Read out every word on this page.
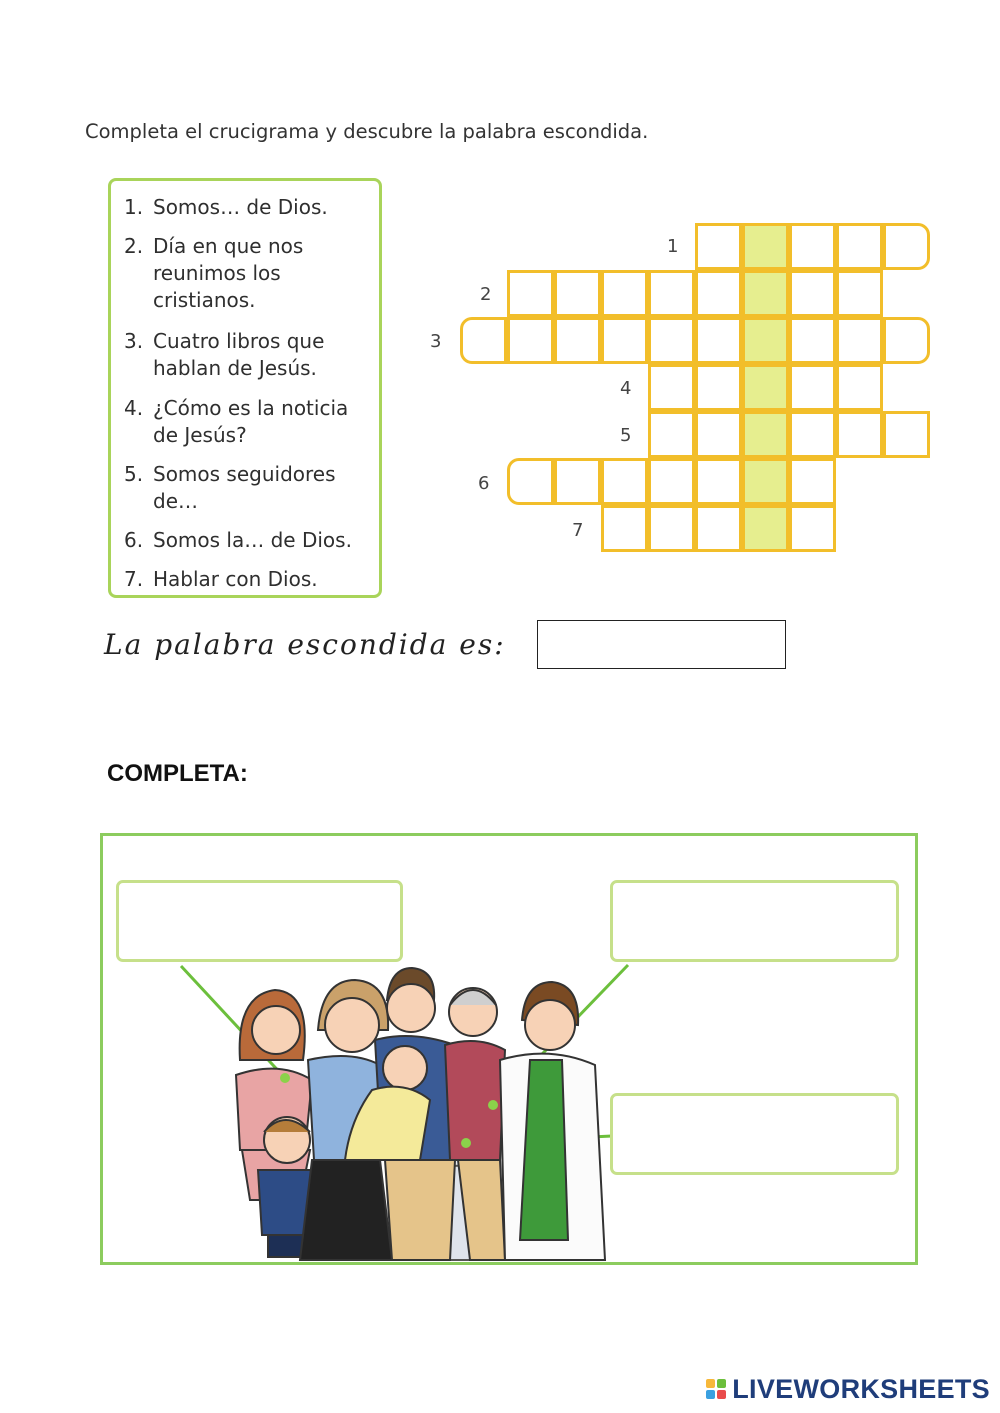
Completa el crucigrama y descubre la palabra escondida.
1. Somos… de Dios.
2. Día en que nos reunimos los cristianos.
3. Cuatro libros que hablan de Jesús.
4. ¿Cómo es la noticia de Jesús?
5. Somos seguidores de…
6. Somos la… de Dios.
7. Hablar con Dios.
1
2
3
4
5
6
7
La palabra escondida es:
COMPLETA:
LIVEWORKSHEETS
